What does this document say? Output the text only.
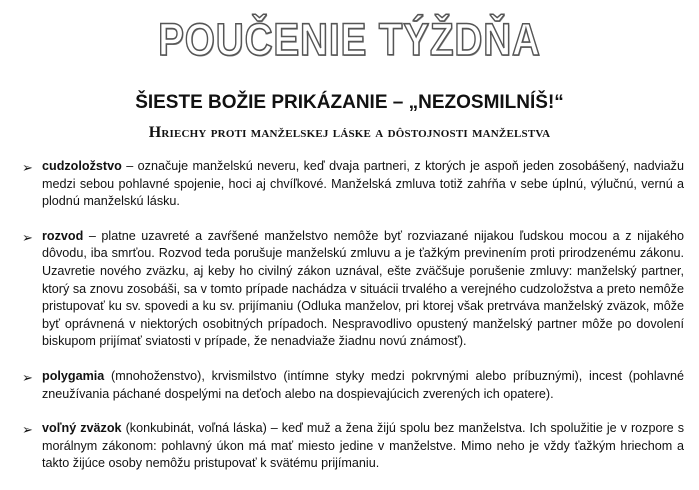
POUČENIE TÝŽDŇA
ŠIESTE BOŽIE PRIKÁZANIE – „NEZOSMILNÍŠ!“
Hriechy proti manželskej láske a dôstojnosti manželstva
➢ cudzoložstvo – označuje manželskú neveru, keď dvaja partneri, z ktorých je aspoň jeden zosobášený, nadviažu medzi sebou pohlavné spojenie, hoci aj chvíľkové. Manželská zmluva totiž zahŕňa v sebe úplnú, výlučnú, vernú a plodnú manželskú lásku.

➢ rozvod – platne uzavreté a zavŕšené manželstvo nemôže byť rozviazané nijakou ľudskou mocou a z nijakého dôvodu, iba smrťou. Rozvod teda porušuje manželskú zmluvu a je ťažkým previnením proti prirodzenému zákonu. Uzavretie nového zväzku, aj keby ho civilný zákon uznával, ešte zväčšuje porušenie zmluvy: manželský partner, ktorý sa znovu zosobáši, sa v tomto prípade nachádza v situácii trvalého a verejného cudzoložstva a preto nemôže pristupovať ku sv. spovedi a ku sv. prijímaniu (Odluka manželov, pri ktorej však pretrváva manželský zväzok, môže byť oprávnená v niektorých osobitných prípadoch. Nespravodlivo opustený manželský partner môže po dovolení biskupom prijímať sviatosti v prípade, že nenadviaže žiadnu novú známosť).

➢ polygamia (mnohoženstvo), krvismilstvo (intímne styky medzi pokrvnými alebo príbuznými), incest (pohlavné zneužívania páchané dospelými na deťoch alebo na dospievajúcich zverených ich opatere).

➢ voľný zväzok (konkubinát, voľná láska) – keď muž a žena žijú spolu bez manželstva. Ich spolužitie je v rozpore s morálnym zákonom: pohlavný úkon má mať miesto jedine v manželstve. Mimo neho je vždy ťažkým hriechom a takto žijúce osoby nemôžu pristupovať k svätému prijímaniu.
